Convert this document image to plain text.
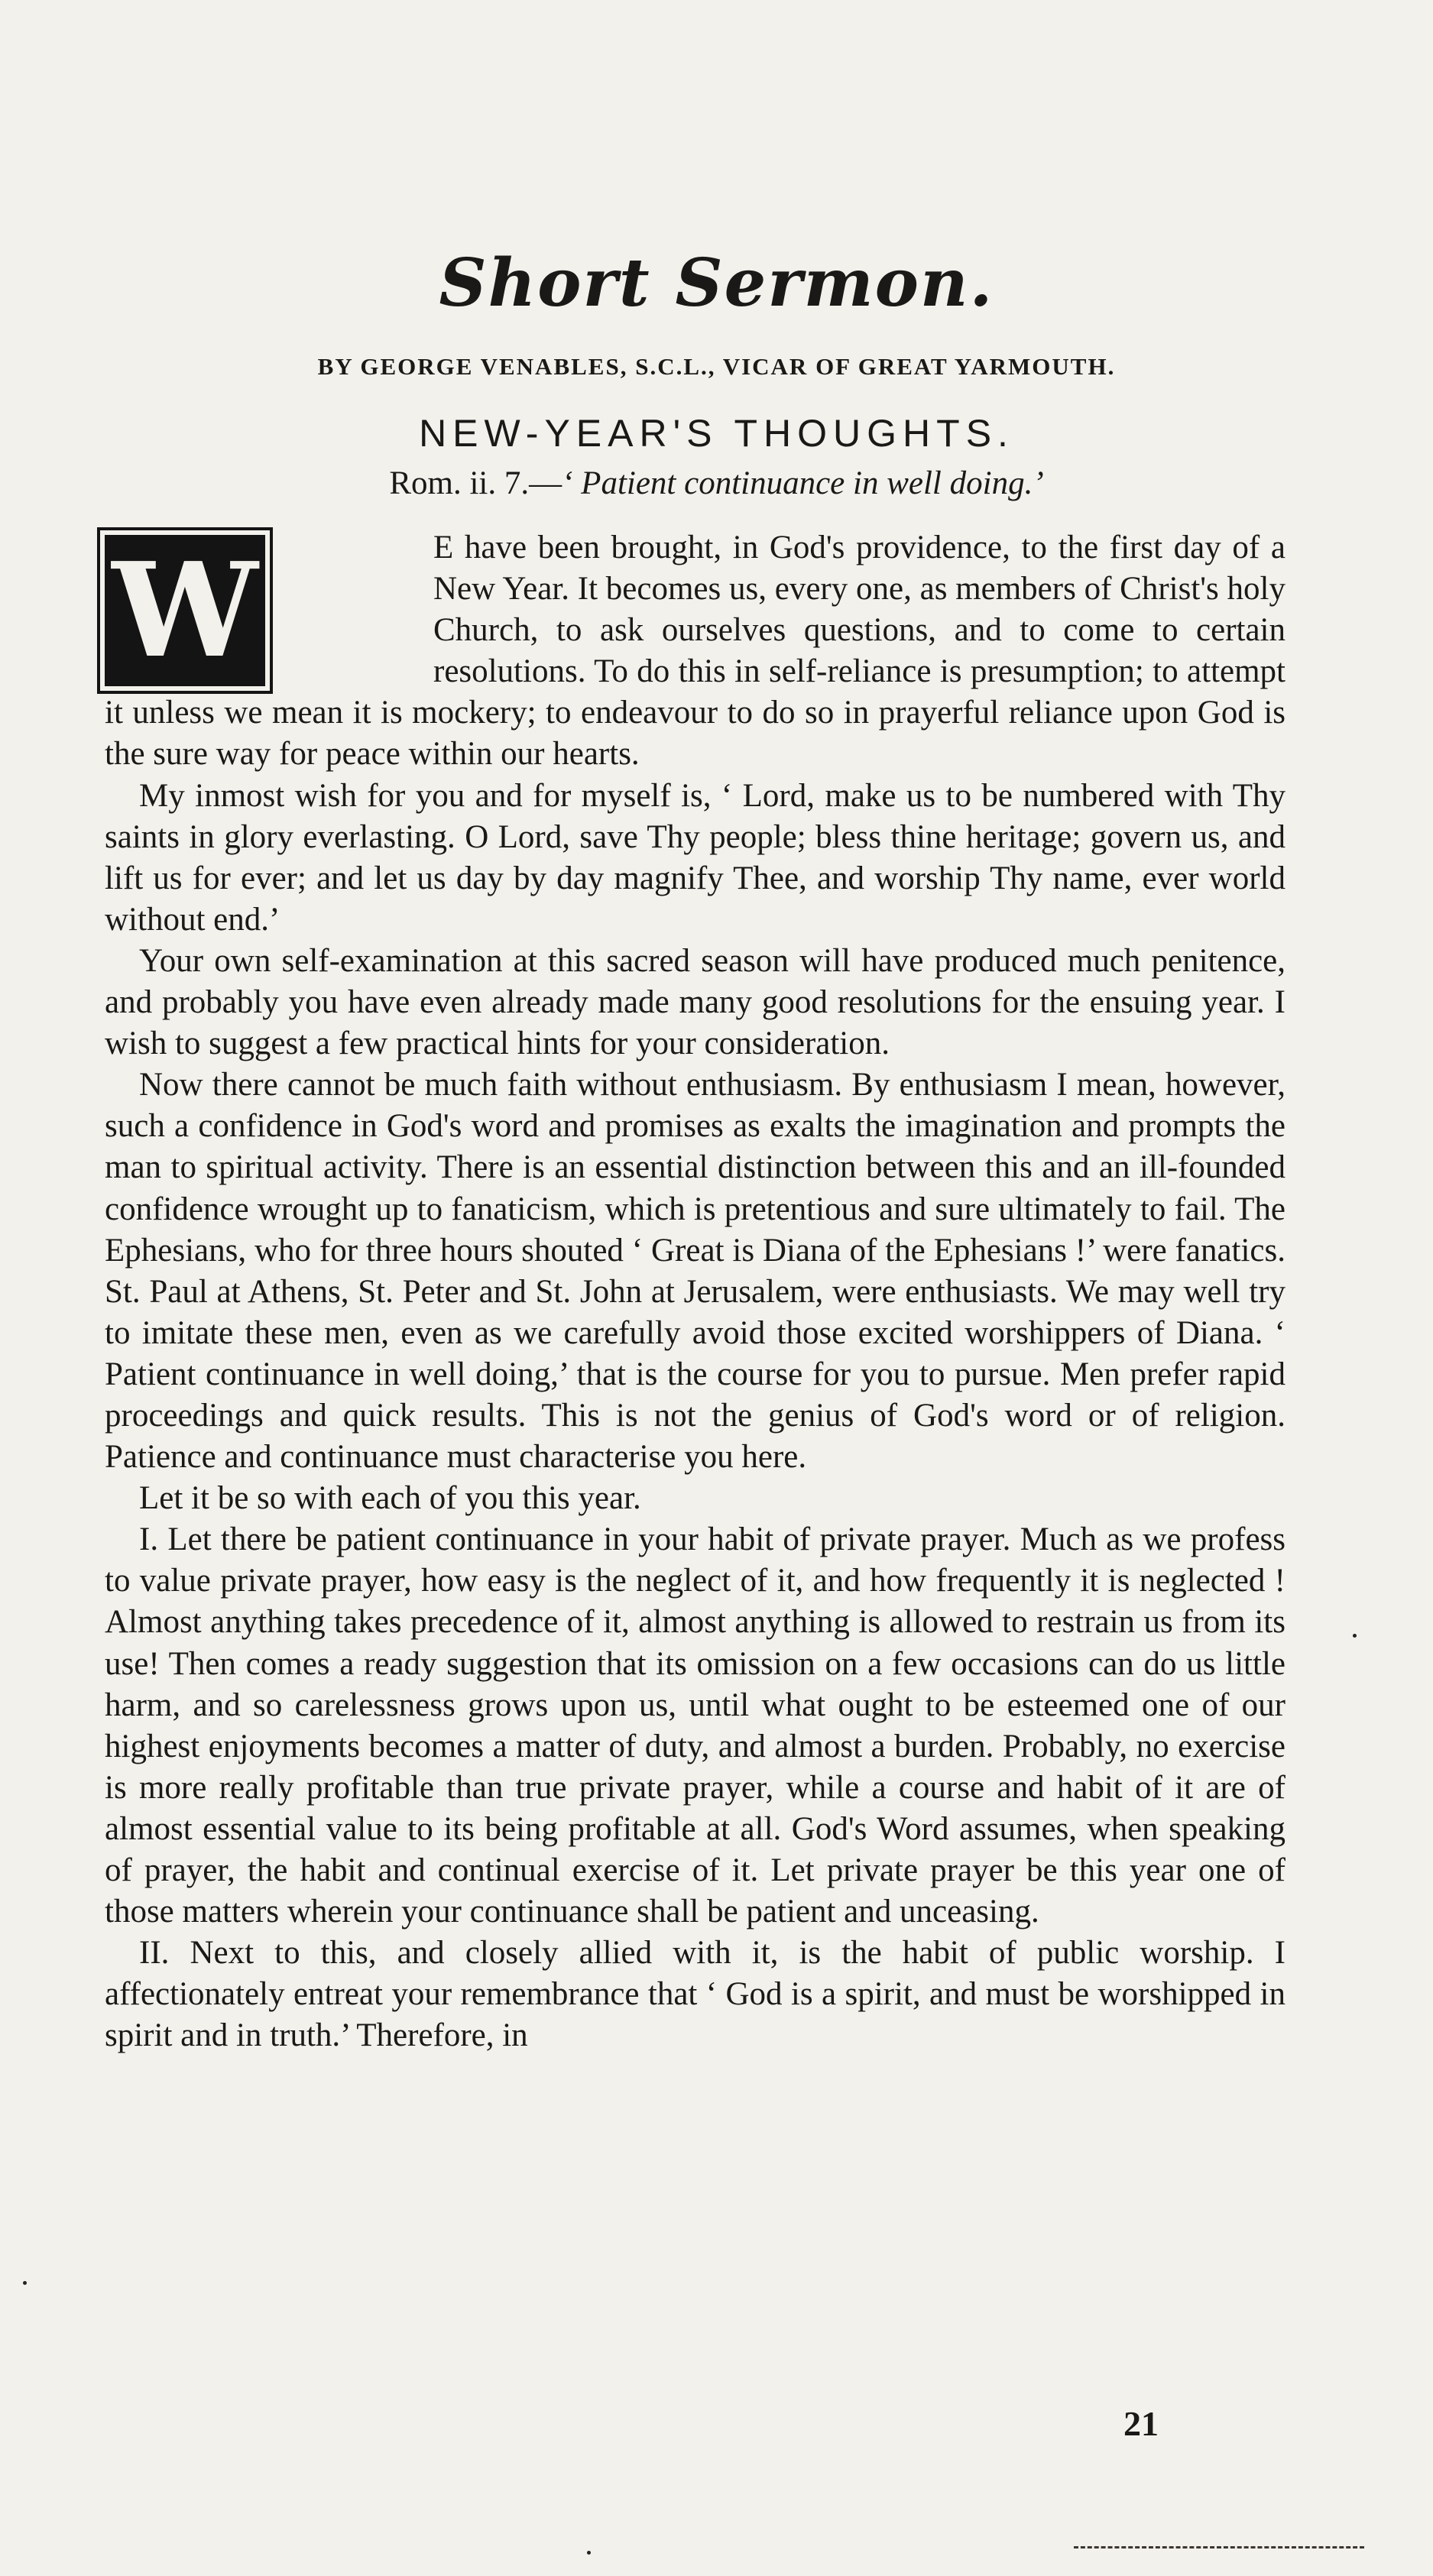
Short Sermon.
BY GEORGE VENABLES, S.C.L., VICAR OF GREAT YARMOUTH.
NEW-YEAR'S THOUGHTS.
Rom. ii. 7.—‘ Patient continuance in well doing.’
W	E have been brought, in God's providence, to the first day of a New Year. It becomes us, every one, as members of Christ's holy Church, to ask ourselves questions, and to come to certain resolutions. To do this in self-reliance is presumption; to attempt it unless we mean it is mockery; to endeavour to do so in prayerful reliance upon God is the sure way for peace within our hearts.

My inmost wish for you and for myself is, ‘ Lord, make us to be numbered with Thy saints in glory everlasting. O Lord, save Thy people; bless thine heritage; govern us, and lift us for ever; and let us day by day magnify Thee, and worship Thy name, ever world without end.’

Your own self-examination at this sacred season will have produced much penitence, and probably you have even already made many good resolutions for the ensuing year. I wish to suggest a few practical hints for your consideration.

Now there cannot be much faith without enthusiasm. By enthusiasm I mean, however, such a confidence in God's word and promises as exalts the imagination and prompts the man to spiritual activity. There is an essential distinction between this and an ill-founded confidence wrought up to fanaticism, which is pretentious and sure ultimately to fail. The Ephesians, who for three hours shouted ‘ Great is Diana of the Ephesians !’ were fanatics. St. Paul at Athens, St. Peter and St. John at Jerusalem, were enthusiasts. We may well try to imitate these men, even as we carefully avoid those excited worshippers of Diana. ‘ Patient continuance in well doing,’ that is the course for you to pursue. Men prefer rapid proceedings and quick results. This is not the genius of God's word or of religion. Patience and continuance must characterise you here.

Let it be so with each of you this year.

I. Let there be patient continuance in your habit of private prayer. Much as we profess to value private prayer, how easy is the neglect of it, and how frequently it is neglected ! Almost anything takes precedence of it, almost anything is allowed to restrain us from its use! Then comes a ready suggestion that its omission on a few occasions can do us little harm, and so carelessness grows upon us, until what ought to be esteemed one of our highest enjoyments becomes a matter of duty, and almost a burden. Probably, no exercise is more really profitable than true private prayer, while a course and habit of it are of almost essential value to its being profitable at all. God's Word assumes, when speaking of prayer, the habit and continual exercise of it. Let private prayer be this year one of those matters wherein your continuance shall be patient and unceasing.

II. Next to this, and closely allied with it, is the habit of public worship. I affectionately entreat your remembrance that ‘ God is a spirit, and must be worshipped in spirit and in truth.’ Therefore, in

21
